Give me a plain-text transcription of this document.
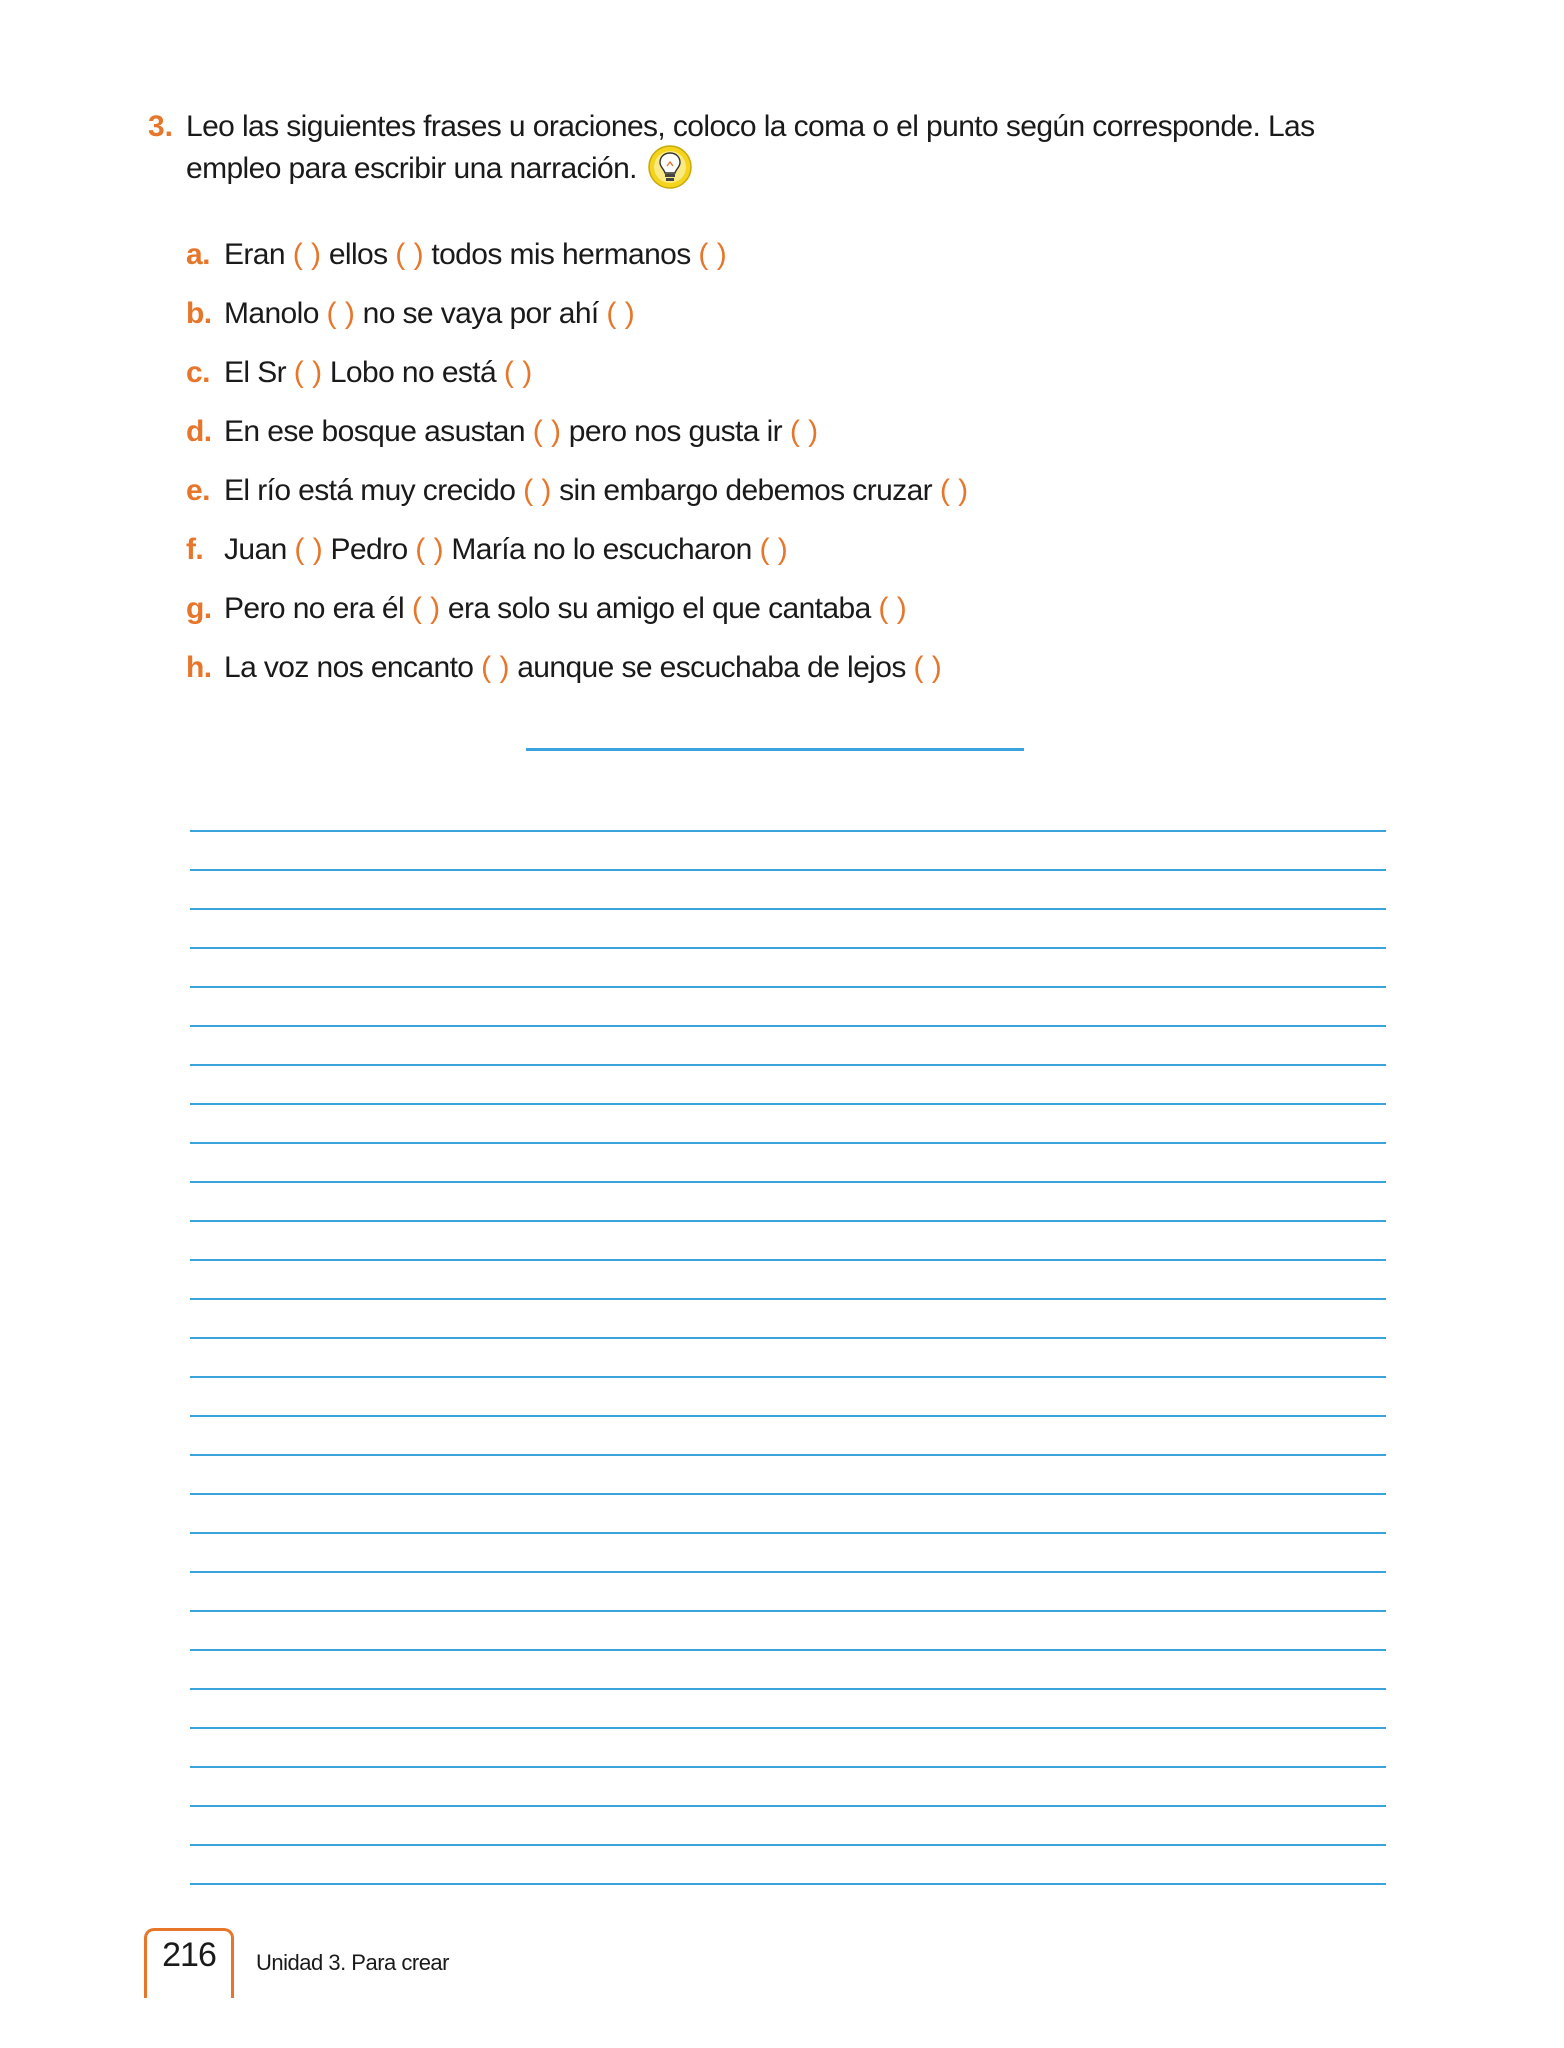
3. Leo las siguientes frases u oraciones, coloco la coma o el punto según corresponde. Las empleo para escribir una narración.
a. Eran ( ) ellos ( ) todos mis hermanos ( )
b. Manolo ( ) no se vaya por ahí ( )
c. El Sr ( ) Lobo no está ( )
d. En ese bosque asustan ( ) pero nos gusta ir ( )
e. El río está muy crecido ( ) sin embargo debemos cruzar ( )
f. Juan ( ) Pedro ( ) María no lo escucharon ( )
g. Pero no era él ( ) era solo su amigo el que cantaba ( )
h. La voz nos encanto ( ) aunque se escuchaba de lejos ( )
216	Unidad 3. Para crear
